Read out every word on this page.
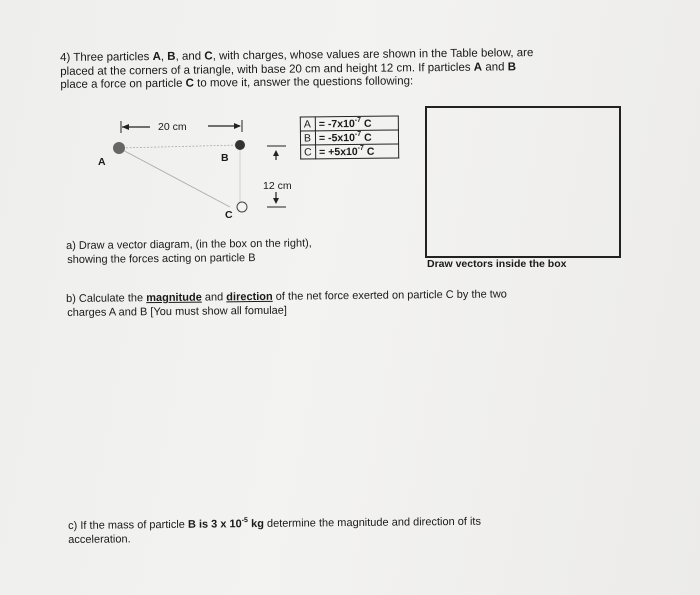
4) Three particles A, B, and C, with charges, whose values are shown in the Table below, are

placed at the corners of a triangle, with base 20 cm and height 12 cm. If particles A and B

place a force on particle C to move it, answer the questions following:

20 cm
12 cm
A	B
C
A	= $-7x10^{-7}$ C
B	= $-5x10^{-7}$ C
C	= $+5x10^{-7}$ C
Draw vectors inside the box

a) Draw a vector diagram, (in the box on the right),

showing the forces acting on particle B

b) Calculate the magnitude and direction of the net force exerted on particle C by the two

charges A and B [You must show all fomulae]

c) If the mass of particle B is 3 x $10^{-5}$ kg determine the magnitude and direction of its

acceleration.
